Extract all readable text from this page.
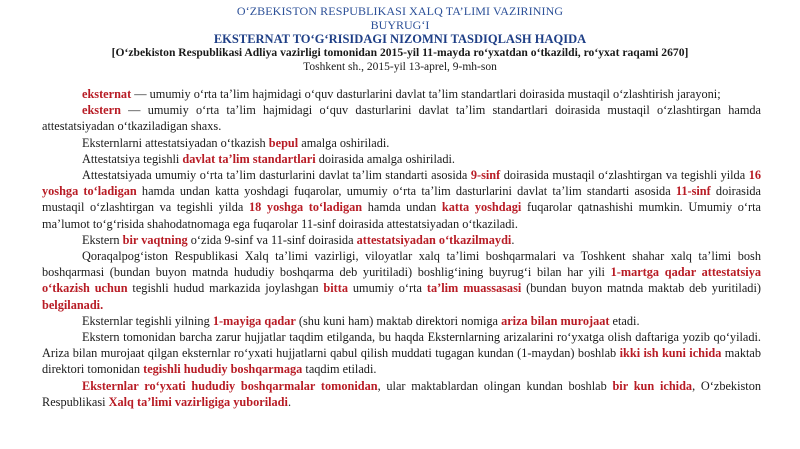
O‘ZBEKISTON RESPUBLIKASI XALQ TA’LIMI VAZIRINING
BUYRUG‘I
EKSTERNAT TO‘G‘RISIDAGI NIZOMNI TASDIQLASH HAQIDA
[O‘zbekiston Respublikasi Adliya vazirligi tomonidan 2015-yil 11-mayda ro‘yxatdan o‘tkazildi, ro‘yxat raqami 2670]
Toshkent sh., 2015-yil 13-aprel, 9-mh-son

eksternat — umumiy o‘rta ta’lim hajmidagi o‘quv dasturlarini davlat ta’lim standartlari doirasida mustaqil o‘zlashtirish jarayoni;

ekstern — umumiy o‘rta ta’lim hajmidagi o‘quv dasturlarini davlat ta’lim standartlari doirasida mustaqil o‘zlashtirgan hamda attestatsiyadan o‘tkaziladigan shaxs.

Eksternlarni attestatsiyadan o‘tkazish bepul amalga oshiriladi.

Attestatsiya tegishli davlat ta’lim standartlari doirasida amalga oshiriladi.

Attestatsiyada umumiy o‘rta ta’lim dasturlarini davlat ta’lim standarti asosida 9-sinf doirasida mustaqil o‘zlashtirgan va tegishli yilda 16 yoshga to‘ladigan hamda undan katta yoshdagi fuqarolar, umumiy o‘rta ta’lim dasturlarini davlat ta’lim standarti asosida 11-sinf doirasida mustaqil o‘zlashtirgan va tegishli yilda 18 yoshga to‘ladigan hamda undan katta yoshdagi fuqarolar qatnashishi mumkin. Umumiy o‘rta ma’lumot to‘g‘risida shahodatnomaga ega fuqarolar 11-sinf doirasida attestatsiyadan o‘tkaziladi.

Ekstern bir vaqtning o‘zida 9-sinf va 11-sinf doirasida attestatsiyadan o‘tkazilmaydi.

Qoraqalpog‘iston Respublikasi Xalq ta’limi vazirligi, viloyatlar xalq ta’limi boshqarmalari va Toshkent shahar xalq ta’limi bosh boshqarmasi (bundan buyon matnda hududiy boshqarma deb yuritiladi) boshlig‘ining buyrug‘i bilan har yili 1-martga qadar attestatsiya o‘tkazish uchun tegishli hudud markazida joylashgan bitta umumiy o‘rta ta’lim muassasasi (bundan buyon matnda maktab deb yuritiladi) belgilanadi.

Eksternlar tegishli yilning 1-mayiga qadar (shu kuni ham) maktab direktori nomiga ariza bilan murojaat etadi.

Ekstern tomonidan barcha zarur hujjatlar taqdim etilganda, bu haqda Eksternlarning arizalarini ro‘yxatga olish daftariga yozib qo‘yiladi. Ariza bilan murojaat qilgan eksternlar ro‘yxati hujjatlarni qabul qilish muddati tugagan kundan (1-maydan) boshlab ikki ish kuni ichida maktab direktori tomonidan tegishli hududiy boshqarmaga taqdim etiladi.

Eksternlar ro‘yxati hududiy boshqarmalar tomonidan, ular maktablardan olingan kundan boshlab bir kun ichida, O‘zbekiston Respublikasi Xalq ta’limi vazirligiga yuboriladi.
